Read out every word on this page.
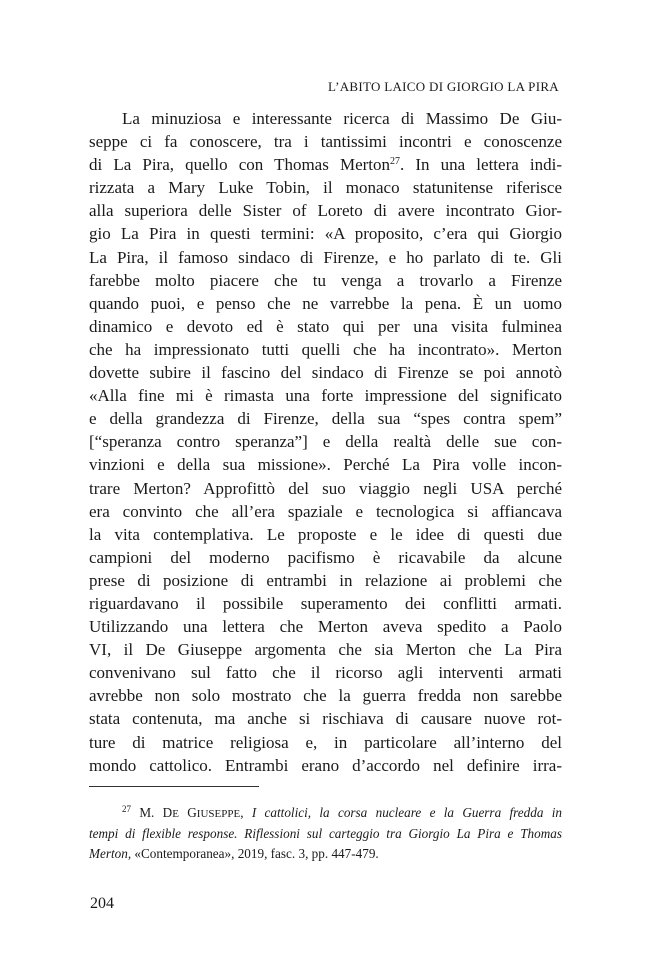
L’ABITO LAICO DI GIORGIO LA PIRA

La minuziosa e interessante ricerca di Massimo De Giu-
seppe ci fa conoscere, tra i tantissimi incontri e conoscenze
di La Pira, quello con Thomas Merton$^{27}$. In una lettera indi-
rizzata a Mary Luke Tobin, il monaco statunitense riferisce
alla superiora delle Sister of Loreto di avere incontrato Gior-
gio La Pira in questi termini: «A proposito, c’era qui Giorgio
La Pira, il famoso sindaco di Firenze, e ho parlato di te. Gli
farebbe molto piacere che tu venga a trovarlo a Firenze
quando puoi, e penso che ne varrebbe la pena. È un uomo
dinamico e devoto ed è stato qui per una visita fulminea
che ha impressionato tutti quelli che ha incontrato». Merton
dovette subire il fascino del sindaco di Firenze se poi annotò
«Alla fine mi è rimasta una forte impressione del significato
e della grandezza di Firenze, della sua “spes contra spem”
[“speranza contro speranza”] e della realtà delle sue con-
vinzioni e della sua missione». Perché La Pira volle incon-
trare Merton? Approfittò del suo viaggio negli USA perché
era convinto che all’era spaziale e tecnologica si affiancava
la vita contemplativa. Le proposte e le idee di questi due
campioni del moderno pacifismo è ricavabile da alcune
prese di posizione di entrambi in relazione ai problemi che
riguardavano il possibile superamento dei conflitti armati.
Utilizzando una lettera che Merton aveva spedito a Paolo
VI, il De Giuseppe argomenta che sia Merton che La Pira
convenivano sul fatto che il ricorso agli interventi armati
avrebbe non solo mostrato che la guerra fredda non sarebbe
stata contenuta, ma anche si rischiava di causare nuove rot-
ture di matrice religiosa e, in particolare all’interno del
mondo cattolico. Entrambi erano d’accordo nel definire irra-

$^{27}$ M. DE GIUSEPPE, I cattolici, la corsa nucleare e la Guerra fredda in
tempi di flexible response. Riflessioni sul carteggio tra Giorgio La Pira e Thomas
Merton, «Contemporanea», 2019, fasc. 3, pp. 447-479.
204
